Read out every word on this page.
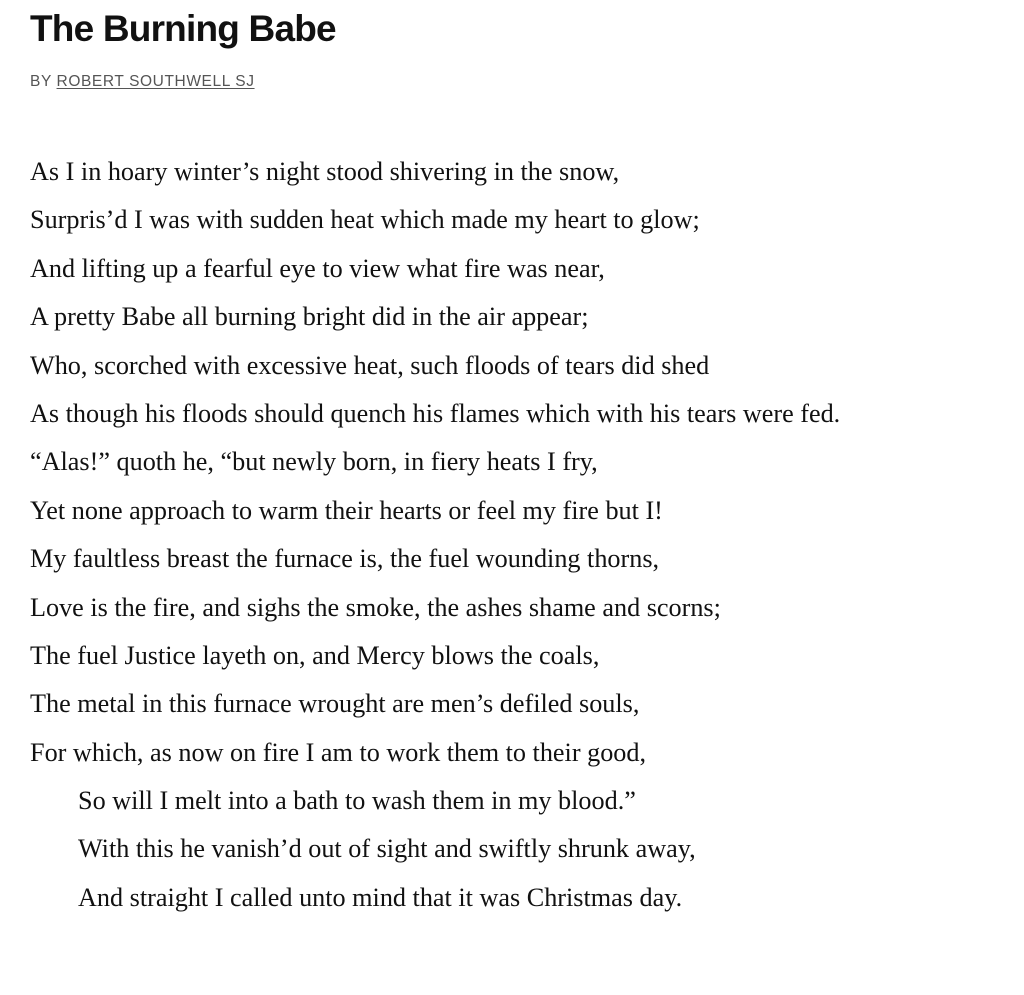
The Burning Babe
BY ROBERT SOUTHWELL SJ
As I in hoary winter’s night stood shivering in the snow,
Surpris’d I was with sudden heat which made my heart to glow;
And lifting up a fearful eye to view what fire was near,
A pretty Babe all burning bright did in the air appear;
Who, scorched with excessive heat, such floods of tears did shed
As though his floods should quench his flames which with his tears were fed.
“Alas!” quoth he, “but newly born, in fiery heats I fry,
Yet none approach to warm their hearts or feel my fire but I!
My faultless breast the furnace is, the fuel wounding thorns,
Love is the fire, and sighs the smoke, the ashes shame and scorns;
The fuel Justice layeth on, and Mercy blows the coals,
The metal in this furnace wrought are men’s defiled souls,
For which, as now on fire I am to work them to their good,
So will I melt into a bath to wash them in my blood.”
With this he vanish’d out of sight and swiftly shrunk away,
And straight I called unto mind that it was Christmas day.
